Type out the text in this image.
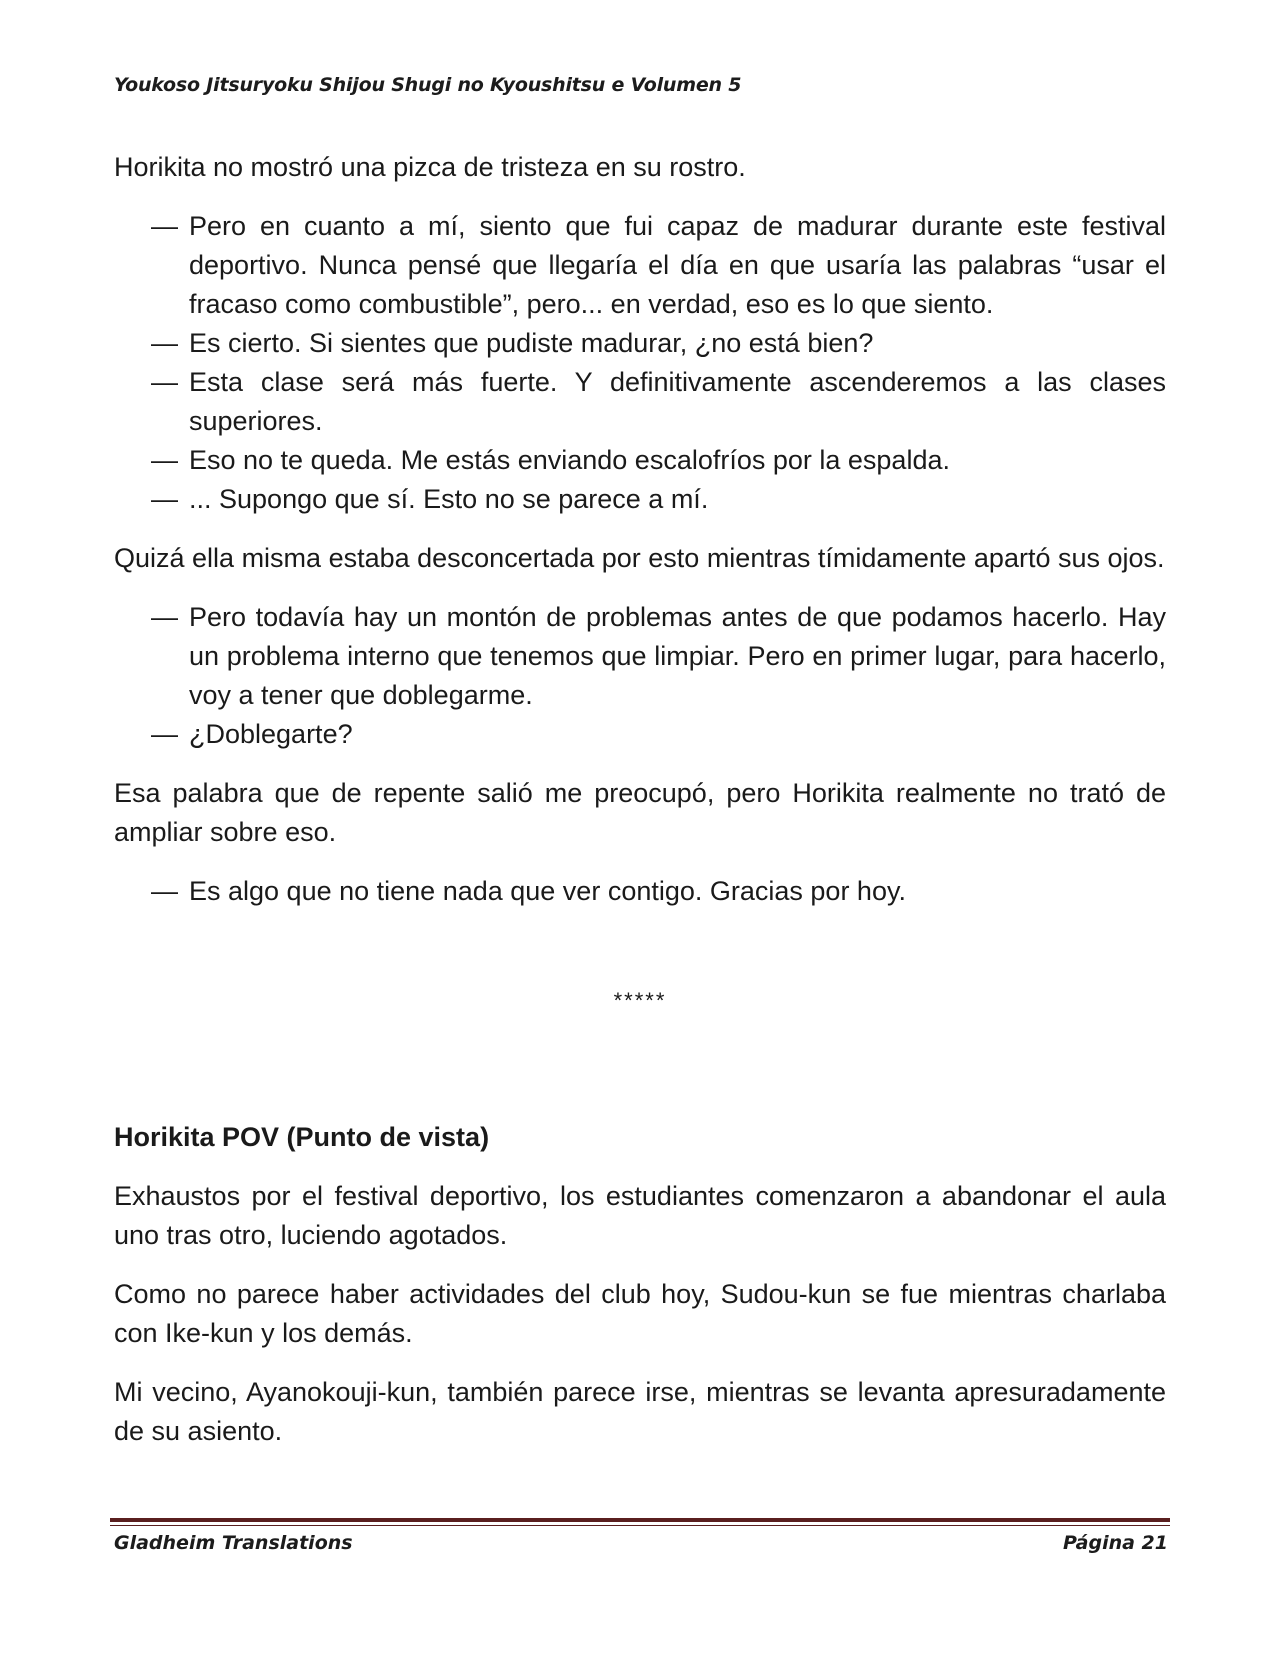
Youkoso Jitsuryoku Shijou Shugi no Kyoushitsu e Volumen 5

Horikita no mostró una pizca de tristeza en su rostro.

— Pero en cuanto a mí, siento que fui capaz de madurar durante este festival deportivo. Nunca pensé que llegaría el día en que usaría las palabras “usar el fracaso como combustible”, pero... en verdad, eso es lo que siento.

— Es cierto. Si sientes que pudiste madurar, ¿no está bien?

— Esta clase será más fuerte. Y definitivamente ascenderemos a las clases superiores.

— Eso no te queda. Me estás enviando escalofríos por la espalda.

— ... Supongo que sí. Esto no se parece a mí.

Quizá ella misma estaba desconcertada por esto mientras tímidamente apartó sus ojos.

— Pero todavía hay un montón de problemas antes de que podamos hacerlo. Hay un problema interno que tenemos que limpiar. Pero en primer lugar, para hacerlo, voy a tener que doblegarme.

— ¿Doblegarte?

Esa palabra que de repente salió me preocupó, pero Horikita realmente no trató de ampliar sobre eso.

— Es algo que no tiene nada que ver contigo. Gracias por hoy.

*****

Horikita POV (Punto de vista)

Exhaustos por el festival deportivo, los estudiantes comenzaron a abandonar el aula uno tras otro, luciendo agotados.

Como no parece haber actividades del club hoy, Sudou-kun se fue mientras charlaba con Ike-kun y los demás.

Mi vecino, Ayanokouji-kun, también parece irse, mientras se levanta apresuradamente de su asiento.

Gladheim Translations	Página 21
